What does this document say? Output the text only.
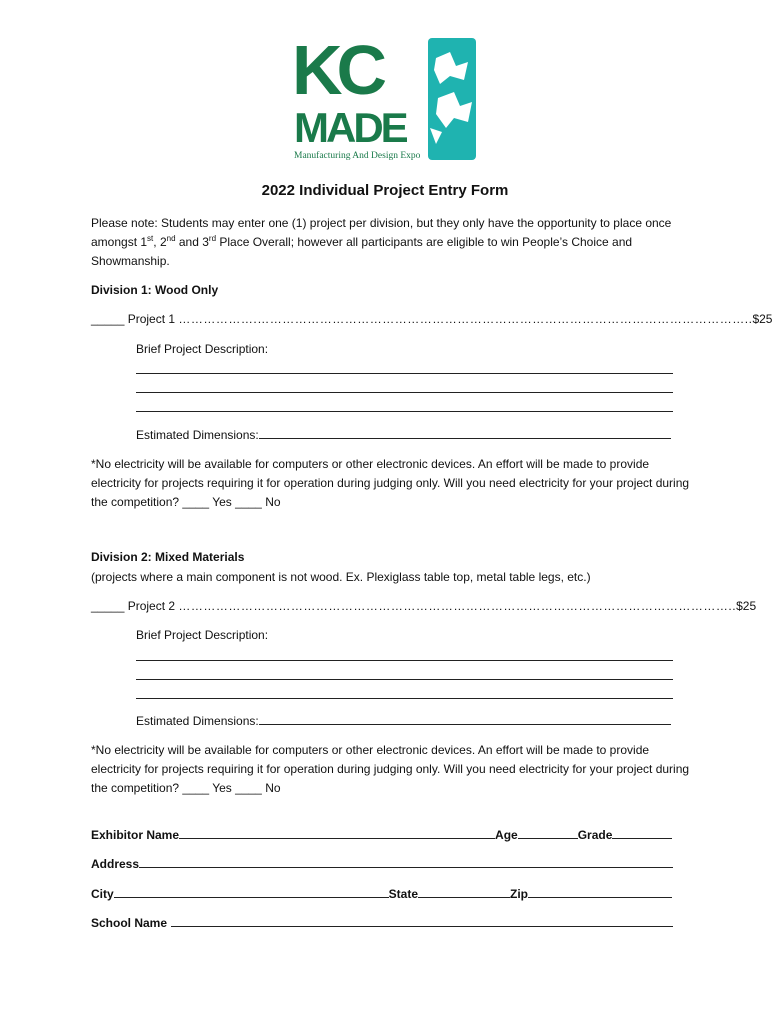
KC
MADE
Manufacturing And Design Expo
2022 Individual Project Entry Form
Please note: Students may enter one (1) project per division, but they only have the opportunity to place once amongst 1st, 2nd and 3rd Place Overall; however all participants are eligible to win People’s Choice and Showmanship.
Division 1: Wood Only
_____ Project 1 ……………….………………………………………………………………………………………………………..$25
Brief Project Description:
Estimated Dimensions:
*No electricity will be available for computers or other electronic devices. An effort will be made to provide electricity for projects requiring it for operation during judging only. Will you need electricity for your project during the competition? ____ Yes ____ No
Division 2: Mixed Materials
(projects where a main component is not wood. Ex. Plexiglass table top, metal table legs, etc.)
_____ Project 2 ……………………………………………………………………………………………………………………..$25
Brief Project Description:
Estimated Dimensions:
*No electricity will be available for computers or other electronic devices. An effort will be made to provide electricity for projects requiring it for operation during judging only. Will you need electricity for your project during the competition? ____ Yes ____ No
Exhibitor Name	Age	Grade
Address
City	State	Zip
School Name
